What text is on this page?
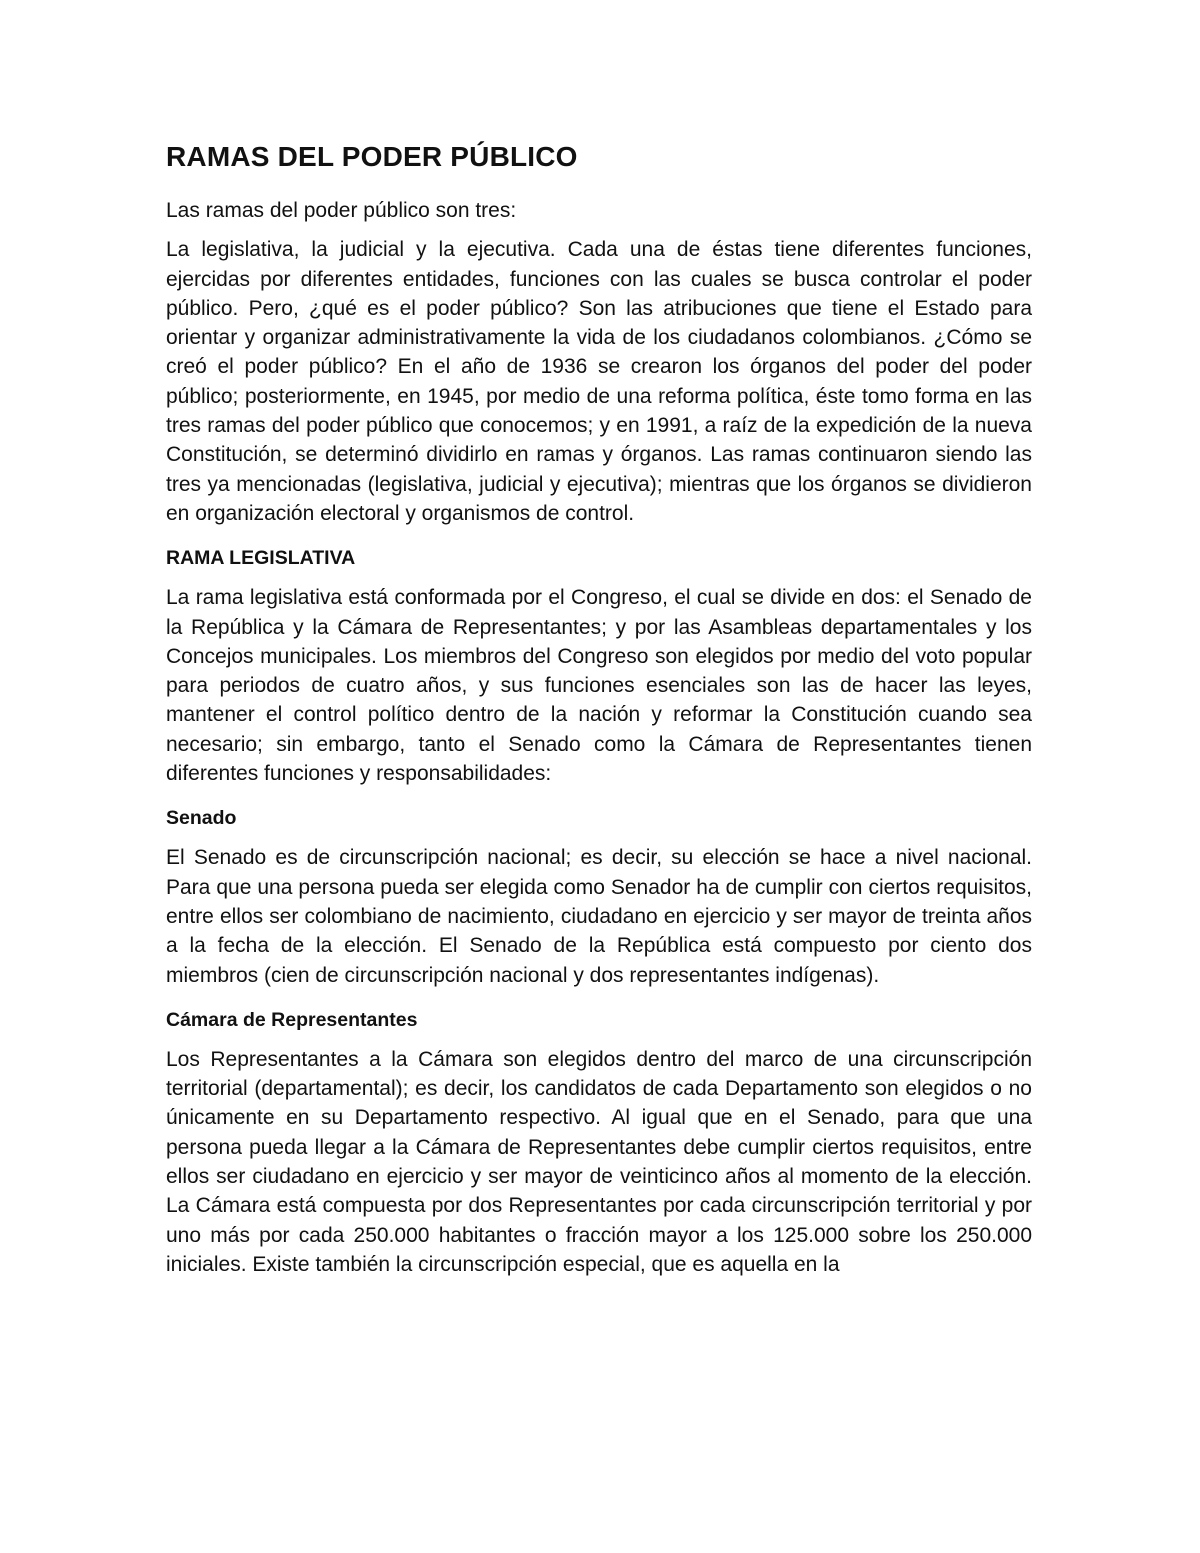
RAMAS DEL PODER PÚBLICO

Las ramas del poder público son tres:

La legislativa, la judicial y la ejecutiva. Cada una de éstas tiene diferentes funciones, ejercidas por diferentes entidades, funciones con las cuales se busca controlar el poder público. Pero, ¿qué es el poder público? Son las atribuciones que tiene el Estado para orientar y organizar administrativamente la vida de los ciudadanos colombianos. ¿Cómo se creó el poder público? En el año de 1936 se crearon los órganos del poder del poder público; posteriormente, en 1945, por medio de una reforma política, éste tomo forma en las tres ramas del poder público que conocemos; y en 1991, a raíz de la expedición de la nueva Constitución, se determinó dividirlo en ramas y órganos. Las ramas continuaron siendo las tres ya mencionadas (legislativa, judicial y ejecutiva); mientras que los órganos se dividieron en organización electoral y organismos de control.

RAMA LEGISLATIVA

La rama legislativa está conformada por el Congreso, el cual se divide en dos: el Senado de la República y la Cámara de Representantes; y por las Asambleas departamentales y los Concejos municipales. Los miembros del Congreso son elegidos por medio del voto popular para periodos de cuatro años, y sus funciones esenciales son las de hacer las leyes, mantener el control político dentro de la nación y reformar la Constitución cuando sea necesario; sin embargo, tanto el Senado como la Cámara de Representantes tienen diferentes funciones y responsabilidades:

Senado

El Senado es de circunscripción nacional; es decir, su elección se hace a nivel nacional. Para que una persona pueda ser elegida como Senador ha de cumplir con ciertos requisitos, entre ellos ser colombiano de nacimiento, ciudadano en ejercicio y ser mayor de treinta años a la fecha de la elección. El Senado de la República está compuesto por ciento dos miembros (cien de circunscripción nacional y dos representantes indígenas).

Cámara de Representantes

Los Representantes a la Cámara son elegidos dentro del marco de una circunscripción territorial (departamental); es decir, los candidatos de cada Departamento son elegidos o no únicamente en su Departamento respectivo. Al igual que en el Senado, para que una persona pueda llegar a la Cámara de Representantes debe cumplir ciertos requisitos, entre ellos ser ciudadano en ejercicio y ser mayor de veinticinco años al momento de la elección. La Cámara está compuesta por dos Representantes por cada circunscripción territorial y por uno más por cada 250.000 habitantes o fracción mayor a los 125.000 sobre los 250.000 iniciales. Existe también la circunscripción especial, que es aquella en la
